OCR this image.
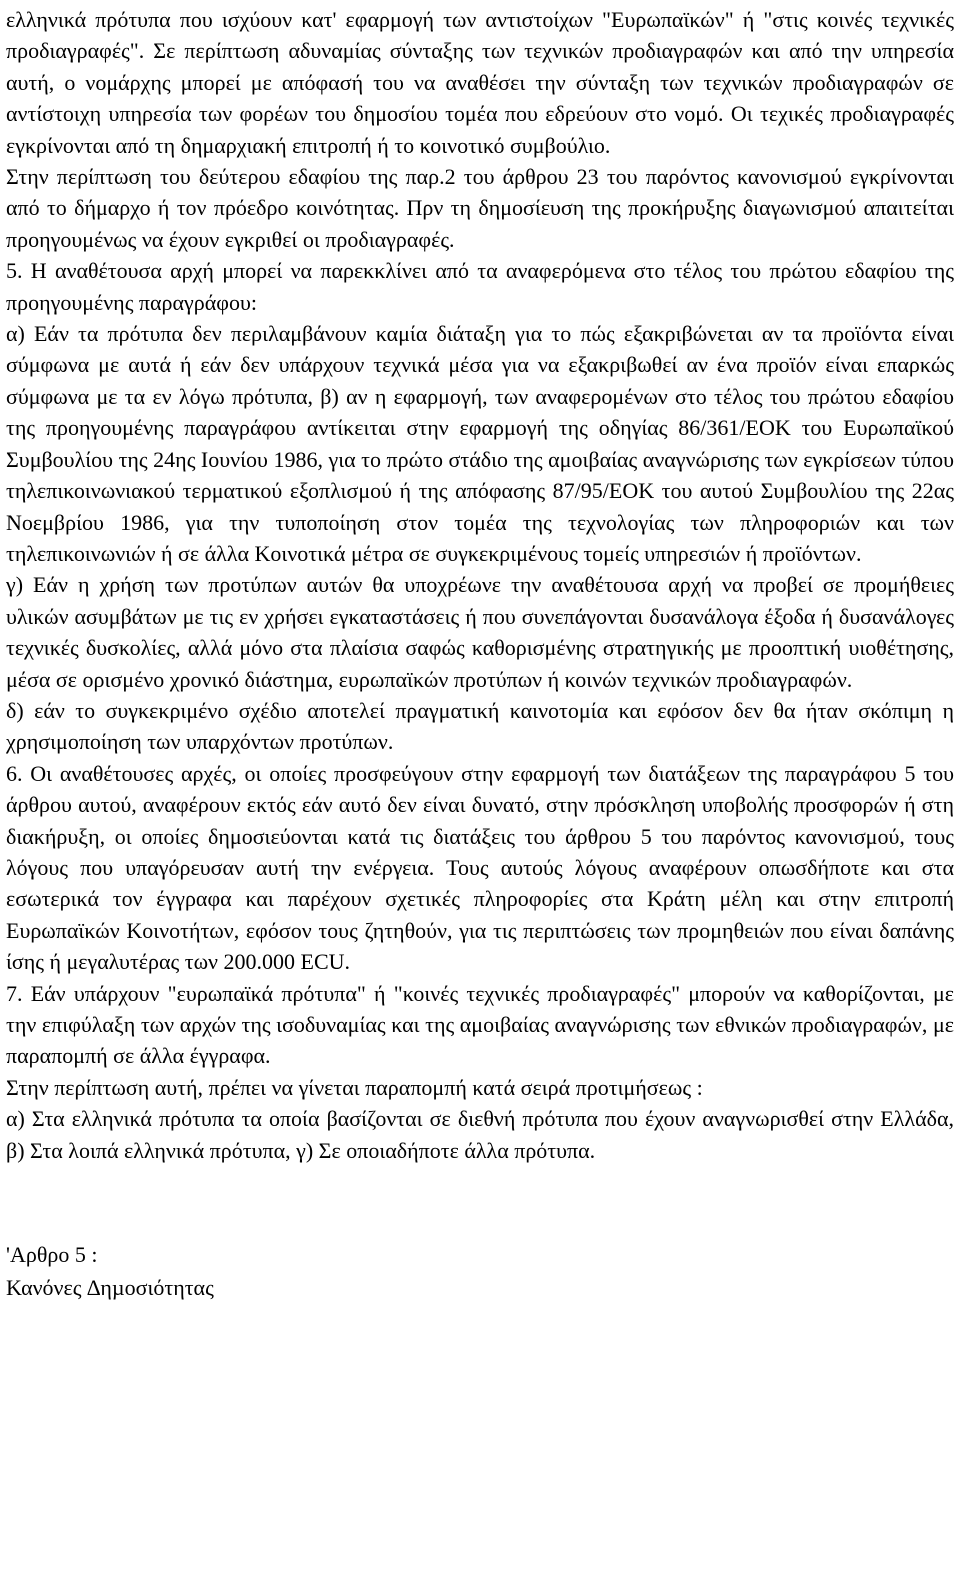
ελληνικά πρότυπα που ισχύουν κατ' εφαρμογή των αντιστοίχων "Ευρωπαϊκών" ή "στις κοινές τεχνικές προδιαγραφές". Σε περίπτωση αδυναμίας σύνταξης των τεχνικών προδιαγραφών και από την υπηρεσία αυτή, ο νομάρχης μπορεί με απόφασή του να αναθέσει την σύνταξη των τεχνικών προδιαγραφών σε αντίστοιχη υπηρεσία των φορέων του δημοσίου τομέα που εδρεύουν στο νομό. Οι τεχικές προδιαγραφές εγκρίνονται από τη δημαρχιακή επιτροπή ή το κοινοτικό συμβούλιο.

Στην περίπτωση του δεύτερου εδαφίου της παρ.2 του άρθρου 23 του παρόντος κανονισμού εγκρίνονται από το δήμαρχο ή τον πρόεδρο κοινότητας. Πρν τη δημοσίευση της προκήρυξης διαγωνισμού απαιτείται προηγουμένως να έχουν εγκριθεί οι προδιαγραφές.

5. Η αναθέτουσα αρχή μπορεί να παρεκκλίνει από τα αναφερόμενα στο τέλος του πρώτου εδαφίου της προηγουμένης παραγράφου:

α) Εάν τα πρότυπα δεν περιλαμβάνουν καμία διάταξη για το πώς εξακριβώνεται αν τα προϊόντα είναι σύμφωνα με αυτά ή εάν δεν υπάρχουν τεχνικά μέσα για να εξακριβωθεί αν ένα προϊόν είναι επαρκώς σύμφωνα με τα εν λόγω πρότυπα, β) αν η εφαρμογή, των αναφερομένων στο τέλος του πρώτου εδαφίου της προηγουμένης παραγράφου αντίκειται στην εφαρμογή της οδηγίας 86/361/ΕΟΚ του Ευρωπαϊκού Συμβουλίου της 24ης Ιουνίου 1986, για το πρώτο στάδιο της αμοιβαίας αναγνώρισης των εγκρίσεων τύπου τηλεπικοινωνιακού τερματικού εξοπλισμού ή της απόφασης 87/95/ΕΟΚ του αυτού Συμβουλίου της 22ας Νοεμβρίου 1986, για την τυποποίηση στον τομέα της τεχνολογίας των πληροφοριών και των τηλεπικοινωνιών ή σε άλλα Κοινοτικά μέτρα σε συγκεκριμένους τομείς υπηρεσιών ή προϊόντων.

γ) Εάν η χρήση των προτύπων αυτών θα υποχρέωνε την αναθέτουσα αρχή να προβεί σε προμήθειες υλικών ασυμβάτων με τις εν χρήσει εγκαταστάσεις ή που συνεπάγονται δυσανάλογα έξοδα ή δυσανάλογες τεχνικές δυσκολίες, αλλά μόνο στα πλαίσια σαφώς καθορισμένης στρατηγικής με προοπτική υιοθέτησης, μέσα σε ορισμένο χρονικό διάστημα, ευρωπαϊκών προτύπων ή κοινών τεχνικών προδιαγραφών.

δ) εάν το συγκεκριμένο σχέδιο αποτελεί πραγματική καινοτομία και εφόσον δεν θα ήταν σκόπιμη η χρησιμοποίηση των υπαρχόντων προτύπων.

6. Οι αναθέτουσες αρχές, οι οποίες προσφεύγουν στην εφαρμογή των διατάξεων της παραγράφου 5 του άρθρου αυτού, αναφέρουν εκτός εάν αυτό δεν είναι δυνατό, στην πρόσκληση υποβολής προσφορών ή στη διακήρυξη, οι οποίες δημοσιεύονται κατά τις διατάξεις του άρθρου 5 του παρόντος κανονισμού, τους λόγους που υπαγόρευσαν αυτή την ενέργεια. Τους αυτούς λόγους αναφέρουν οπωσδήποτε και στα εσωτερικά τον έγγραφα και παρέχουν σχετικές πληροφορίες στα Κράτη μέλη και στην επιτροπή Ευρωπαϊκών Κοινοτήτων, εφόσον τους ζητηθούν, για τις περιπτώσεις των προμηθειών που είναι δαπάνης ίσης ή μεγαλυτέρας των 200.000 ECU.

7. Εάν υπάρχουν "ευρωπαϊκά πρότυπα" ή "κοινές τεχνικές προδιαγραφές" μπορούν να καθορίζονται, με την επιφύλαξη των αρχών της ισοδυναμίας και της αμοιβαίας αναγνώρισης των εθνικών προδιαγραφών, με παραπομπή σε άλλα έγγραφα.

Στην περίπτωση αυτή, πρέπει να γίνεται παραπομπή κατά σειρά προτιμήσεως :

α) Στα ελληνικά πρότυπα τα οποία βασίζονται σε διεθνή πρότυπα που έχουν αναγνωρισθεί στην Ελλάδα, β) Στα λοιπά ελληνικά πρότυπα, γ) Σε οποιαδήποτε άλλα πρότυπα.

'Αρθρο 5 :

Κανόνες ∆ηµοσιότητας
